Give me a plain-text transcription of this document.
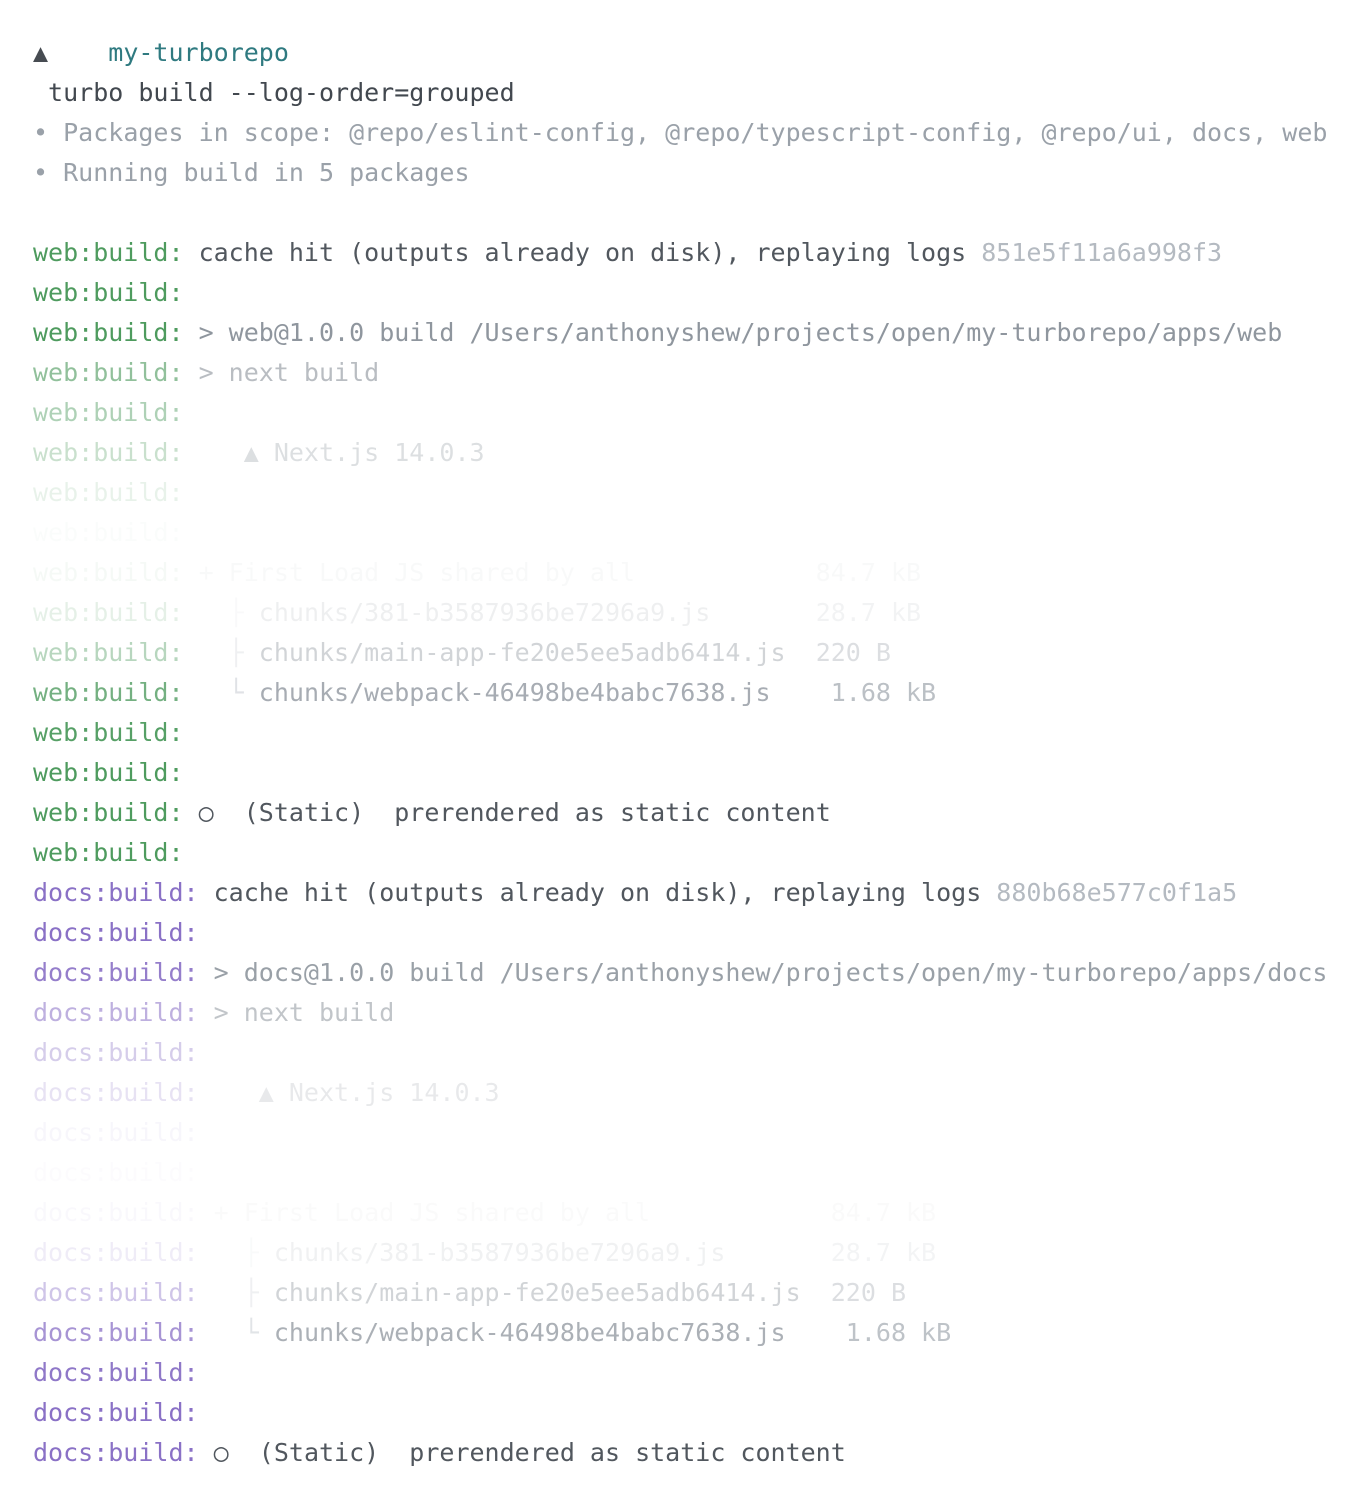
▲ my-turborepo
turbo build --log-order=grouped
• Packages in scope: @repo/eslint-config, @repo/typescript-config, @repo/ui, docs, web
• Running build in 5 packages
web:build: cache hit (outputs already on disk), replaying logs 851e5f11a6a998f3
web:build:
web:build: > web@1.0.0 build /Users/anthonyshew/projects/open/my-turborepo/apps/web
web:build: > next build
web:build:
web:build:    ▲ Next.js 14.0.3
web:build:
web:build: + First Load JS shared by all            84.7 kB
web:build:   ├ chunks/381-b3587936be7296a9.js       28.7 kB
web:build:   ├ chunks/main-app-fe20e5ee5adb6414.js  220 B
web:build:   └ chunks/webpack-46498be4babc7638.js    1.68 kB
web:build:
web:build:
web:build: ○  (Static)  prerendered as static content
web:build:
docs:build: cache hit (outputs already on disk), replaying logs 880b68e577c0f1a5
docs:build:
docs:build: > docs@1.0.0 build /Users/anthonyshew/projects/open/my-turborepo/apps/docs
docs:build: > next build
docs:build:
docs:build:    ▲ Next.js 14.0.3
docs:build:
docs:build:   ├ chunks/381-b3587936be7296a9.js       28.7 kB
docs:build:   ├ chunks/main-app-fe20e5ee5adb6414.js  220 B
docs:build:   └ chunks/webpack-46498be4babc7638.js    1.68 kB
docs:build:
docs:build:
docs:build: ○  (Static)  prerendered as static content
